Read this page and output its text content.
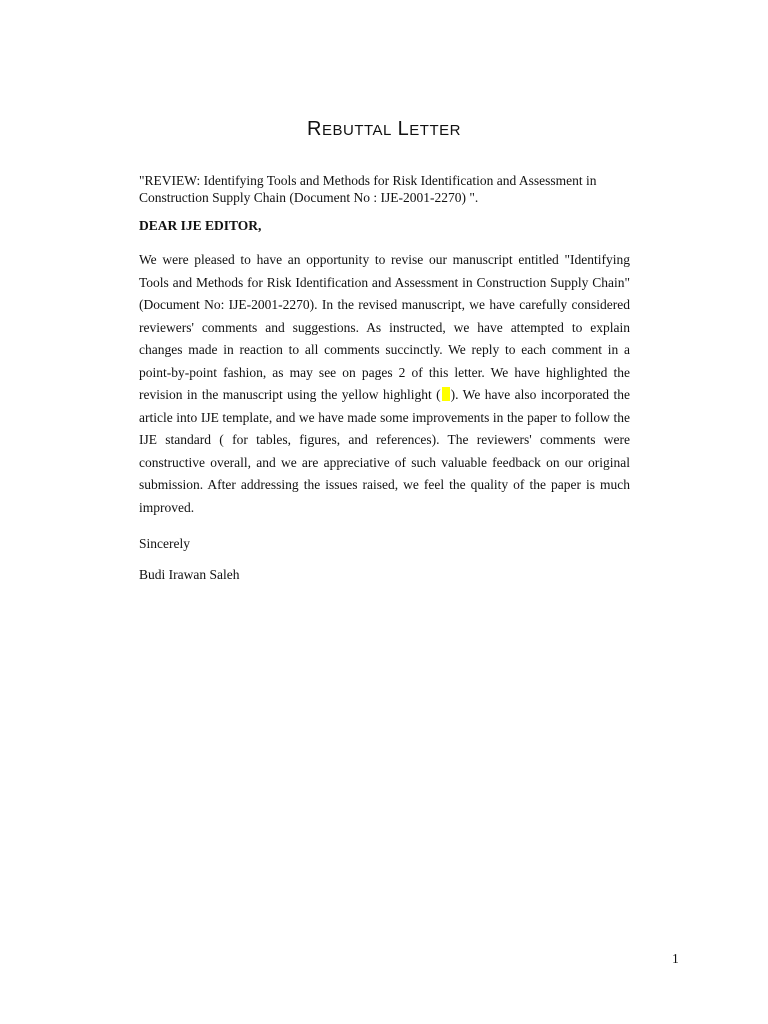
REBUTTAL LETTER
"REVIEW: Identifying Tools and Methods for Risk Identification and Assessment in Construction Supply Chain (Document No : IJE-2001-2270) ".
DEAR IJE EDITOR,
We were pleased to have an opportunity to revise our manuscript entitled "Identifying Tools and Methods for Risk Identification and Assessment in Construction Supply Chain" (Document No: IJE-2001-2270). In the revised manuscript, we have carefully considered reviewers' comments and suggestions. As instructed, we have attempted to explain changes made in reaction to all comments succinctly. We reply to each comment in a point-by-point fashion, as may see on pages 2 of this letter. We have highlighted the revision in the manuscript using the yellow highlight ( ). We have also incorporated the article into IJE template, and we have made some improvements in the paper to follow the IJE standard ( for tables, figures, and references). The reviewers' comments were constructive overall, and we are appreciative of such valuable feedback on our original submission. After addressing the issues raised, we feel the quality of the paper is much improved.
Sincerely
Budi Irawan Saleh
1
